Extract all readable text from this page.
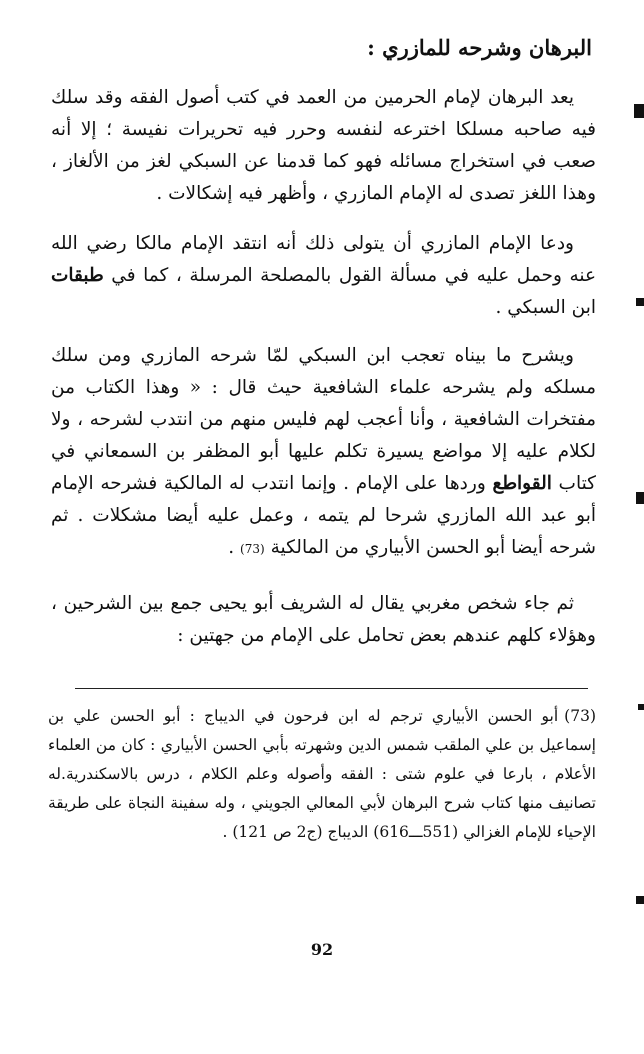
البرهان وشرحه للمازري :

يعد البرهان لإمام الحرمين من العمد في كتب أصول الفقه وقد سلك فيه صاحبه مسلكا اخترعه لنفسه وحرر فيه تحريرات نفيسة ؛ إلا أنه صعب في استخراج مسائله فهو كما قدمنا عن السبكي لغز من الألغاز ، وهذا اللغز تصدى له الإمام المازري ، وأظهر فيه إشكالات .

ودعا الإمام المازري أن يتولى ذلك أنه انتقد الإمام مالكا رضي الله عنه وحمل عليه في مسألة القول بالمصلحة المرسلة ، كما في طبقات ابن السبكي .

ويشرح ما بيناه تعجب ابن السبكي لمّا شرحه المازري ومن سلك مسلكه ولم يشرحه علماء الشافعية حيث قال : « وهذا الكتاب من مفتخرات الشافعية ، وأنا أعجب لهم فليس منهم من انتدب لشرحه ، ولا لكلام عليه إلا مواضع يسيرة تكلم عليها أبو المظفر بن السمعاني في كتاب القواطع وردها على الإمام . وإنما انتدب له المالكية فشرحه الإمام أبو عبد الله المازري شرحا لم يتمه ، وعمل عليه أيضا مشكلات . ثم شرحه أيضا أبو الحسن الأبياري من المالكية (73) .

ثم جاء شخص مغربي يقال له الشريف أبو يحيى جمع بين الشرحين ، وهؤلاء كلهم عندهم بعض تحامل على الإمام من جهتين :

(73)أبو الحسن الأبياري ترجم له ابن فرحون في الديباج : أبو الحسن علي بن إسماعيل بن علي الملقب شمس الدين وشهرته بأبي الحسن الأبياري : كان من العلماء الأعلام ، بارعا في علوم شتى : الفقه وأصوله وعلم الكلام ، درس بالاسكندرية.له تصانيف منها كتاب شرح البرهان لأبي المعالي الجويني ، وله سفينة النجاة على طريقة الإحياء للإمام الغزالي (551ـــ616) الديباج (ج2 ص 121) .

92
